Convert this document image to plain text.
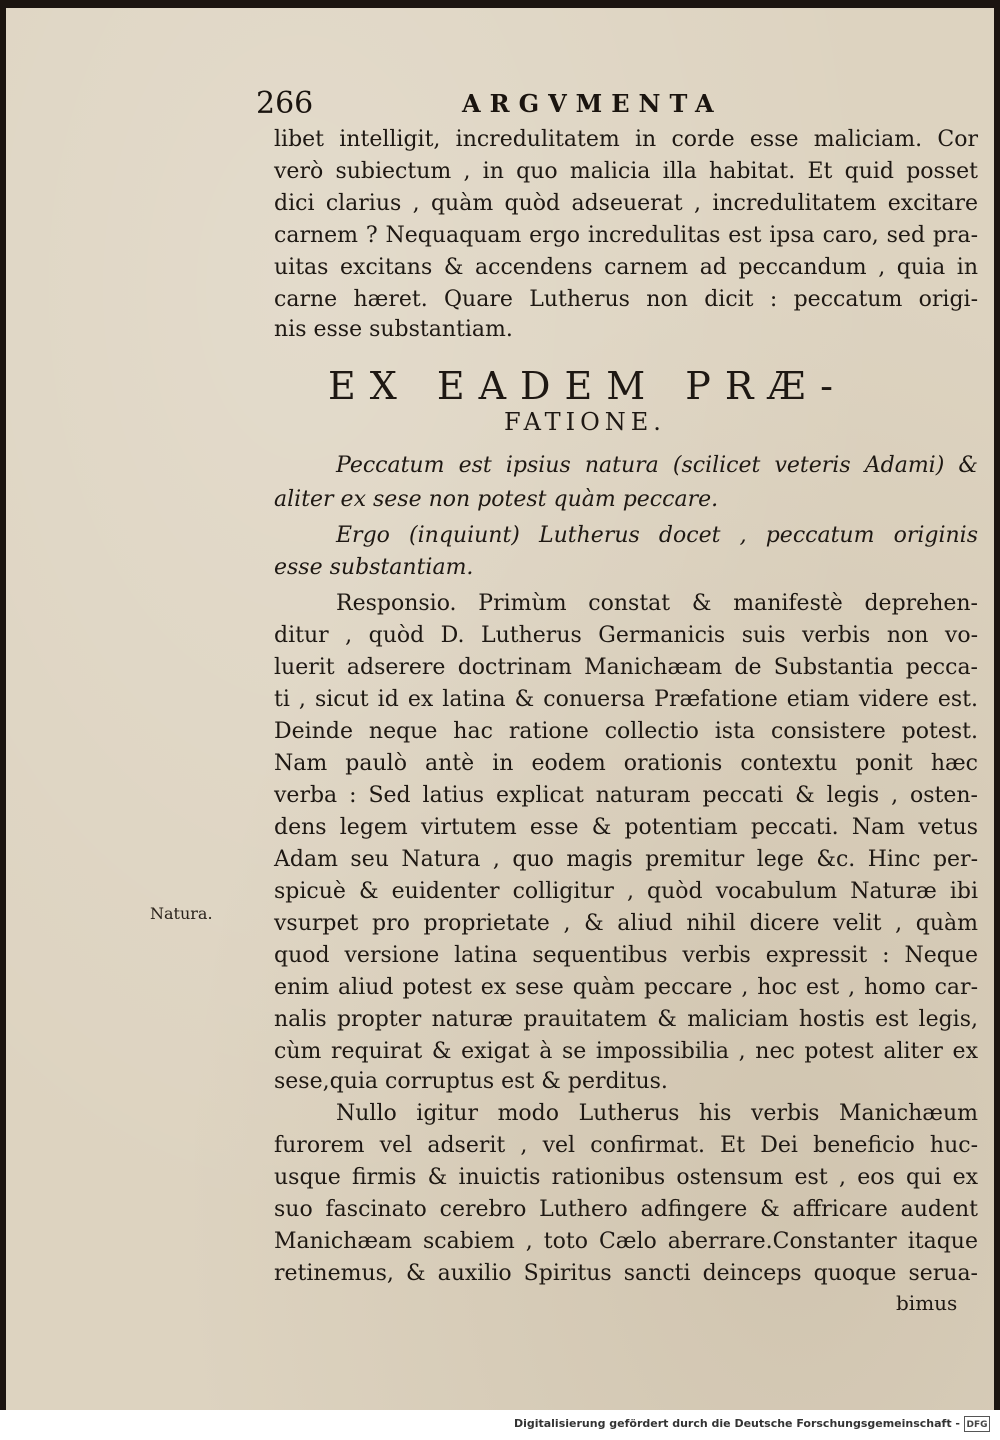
266	ARGVMENTA

libet intelligit, incredulitatem in corde esse maliciam. Cor

verò subiectum , in quo malicia illa habitat. Et quid posset

dici clarius , quàm quòd adseuerat , incredulitatem excitare

carnem ? Nequaquam ergo incredulitas est ipsa caro, sed pra-

uitas excitans & accendens carnem ad peccandum , quia in

carne hæret. Quare Lutherus non dicit : peccatum origi-

nis esse substantiam.

EX EADEM PRÆ-
FATIONE.

Peccatum est ipsius natura (scilicet veteris Adami) &

aliter ex sese non potest quàm peccare.

Ergo (inquiunt) Lutherus docet , peccatum originis

esse substantiam.

Responsio. Primùm constat & manifestè deprehen-

ditur , quòd D. Lutherus Germanicis suis verbis non vo-

luerit adserere doctrinam Manichæam de Substantia pecca-

ti , sicut id ex latina & conuersa Præfatione etiam videre est.

Deinde neque hac ratione collectio ista consistere potest.

Nam paulò antè in eodem orationis contextu ponit hæc

verba : Sed latius explicat naturam peccati & legis , osten-

dens legem virtutem esse & potentiam peccati. Nam vetus

Adam seu Natura , quo magis premitur lege &c. Hinc per-

spicuè & euidenter colligitur , quòd vocabulum Naturæ ibi

vsurpet pro proprietate , & aliud nihil dicere velit , quàm

quod versione latina sequentibus verbis expressit : Neque

enim aliud potest ex sese quàm peccare , hoc est , homo car-

nalis propter naturæ prauitatem & maliciam hostis est legis,

cùm requirat & exigat à se impossibilia , nec potest aliter ex

sese,quia corruptus est & perditus.

Nullo igitur modo Lutherus his verbis Manichæum

furorem vel adserit , vel confirmat. Et Dei beneficio huc-

usque firmis & inuictis rationibus ostensum est , eos qui ex

suo fascinato cerebro Luthero adfingere & affricare audent

Manichæam scabiem , toto Cælo aberrare.Constanter itaque

retinemus, & auxilio Spiritus sancti deinceps quoque serua-

bimus
Natura.
Digitalisierung gefördert durch die Deutsche Forschungsgemeinschaft - DFG
